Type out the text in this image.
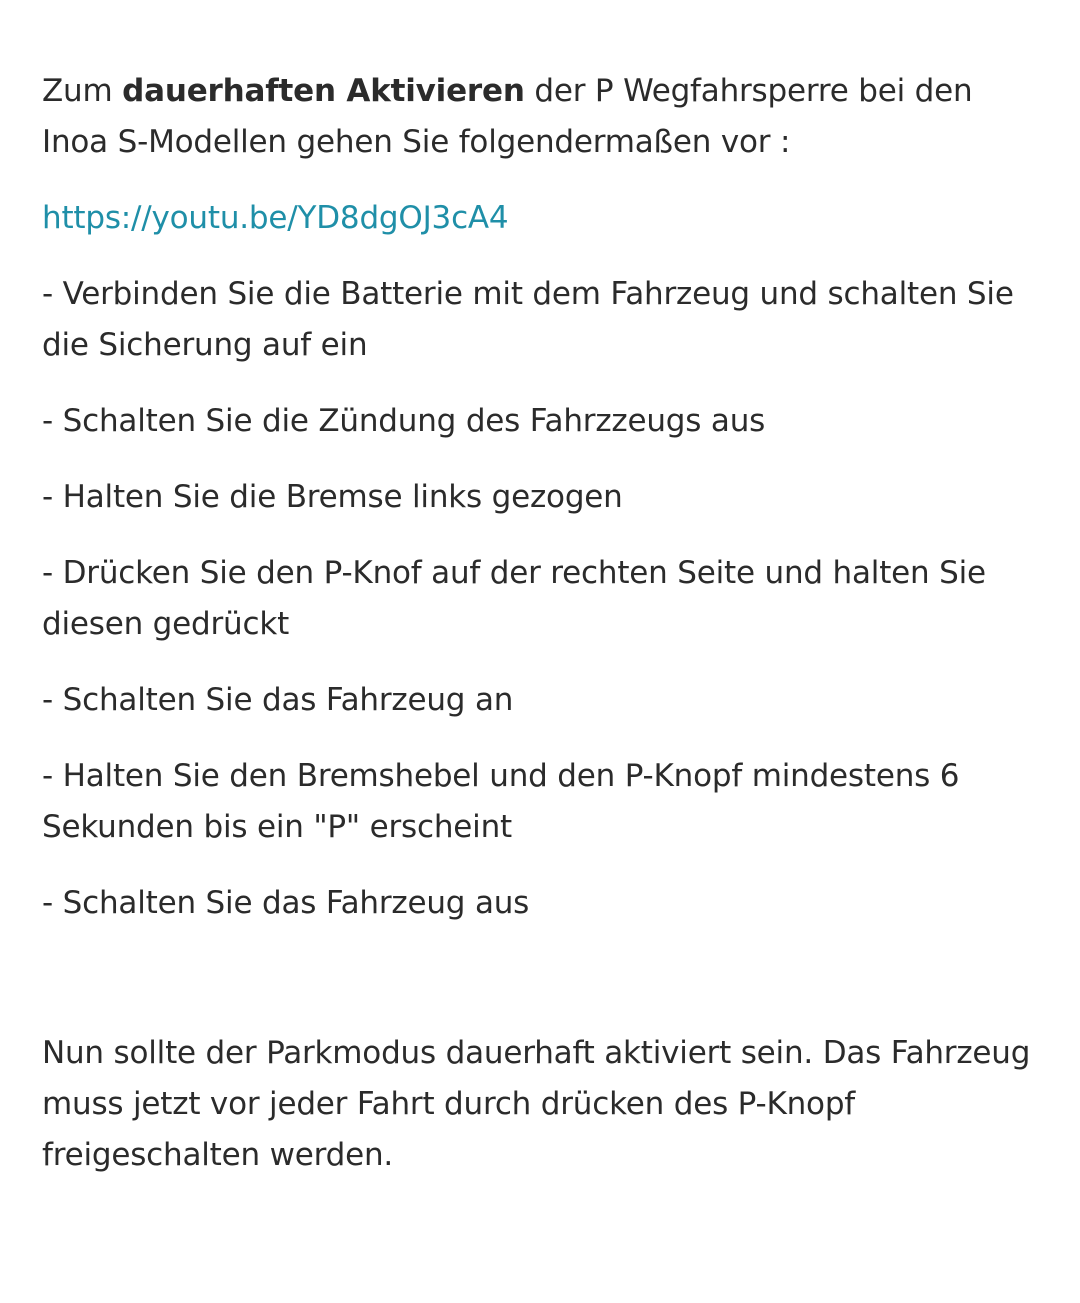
Zum dauerhaften Aktivieren der P Wegfahrsperre bei den Inoa S-Modellen gehen Sie folgendermaßen vor :

https://youtu.be/YD8dgOJ3cA4

- Verbinden Sie die Batterie mit dem Fahrzeug und schalten Sie die Sicherung auf ein

- Schalten Sie die Zündung des Fahrzzeugs aus

- Halten Sie die Bremse links gezogen

- Drücken Sie den P-Knof auf der rechten Seite und halten Sie diesen gedrückt

- Schalten Sie das Fahrzeug an

- Halten Sie den Bremshebel und den P-Knopf mindestens 6 Sekunden bis ein "P" erscheint

- Schalten Sie das Fahrzeug aus

Nun sollte der Parkmodus dauerhaft aktiviert sein. Das Fahrzeug muss jetzt vor jeder Fahrt durch drücken des P-Knopf freigeschalten werden.
